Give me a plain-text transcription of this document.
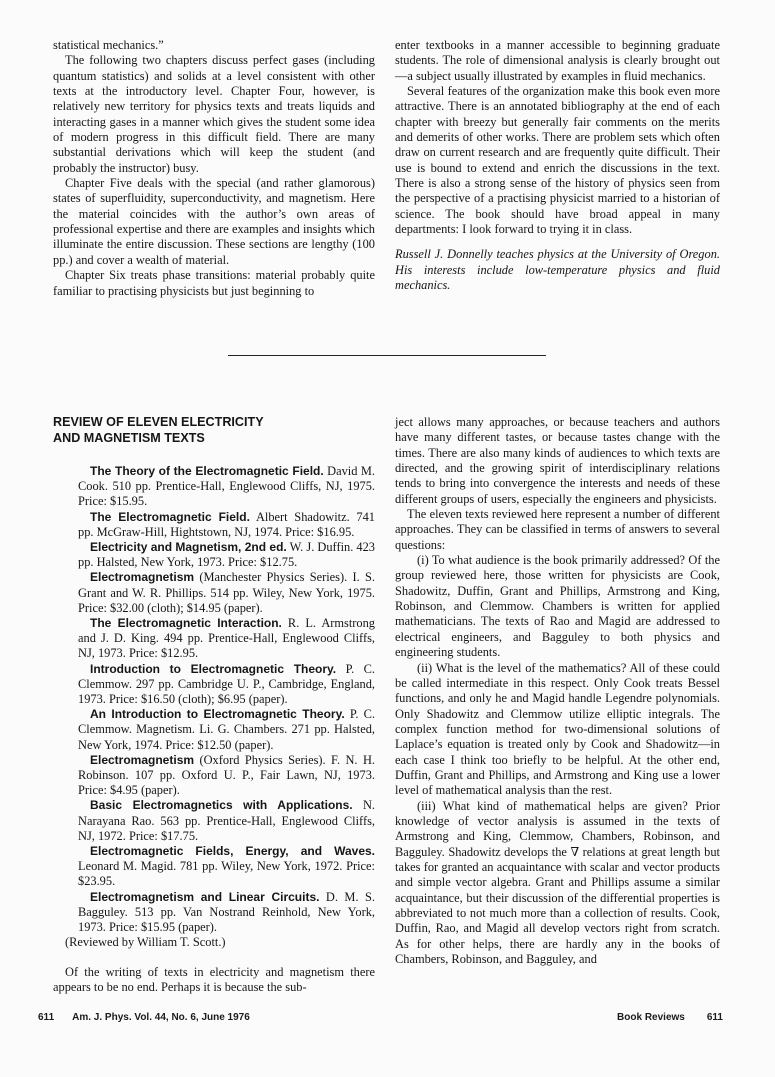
statistical mechanics.”

The following two chapters discuss perfect gases (including quantum statistics) and solids at a level consistent with other texts at the introductory level. Chapter Four, however, is relatively new territory for physics texts and treats liquids and interacting gases in a manner which gives the student some idea of modern progress in this difficult field. There are many substantial derivations which will keep the student (and probably the instructor) busy.

Chapter Five deals with the special (and rather glamorous) states of superfluidity, superconductivity, and magnetism. Here the material coincides with the author’s own areas of professional expertise and there are examples and insights which illuminate the entire discussion. These sections are lengthy (100 pp.) and cover a wealth of material.

Chapter Six treats phase transitions: material probably quite familiar to practising physicists but just beginning to

enter textbooks in a manner accessible to beginning graduate students. The role of dimensional analysis is clearly brought out—a subject usually illustrated by examples in fluid mechanics.

Several features of the organization make this book even more attractive. There is an annotated bibliography at the end of each chapter with breezy but generally fair comments on the merits and demerits of other works. There are problem sets which often draw on current research and are frequently quite difficult. Their use is bound to extend and enrich the discussions in the text. There is also a strong sense of the history of physics seen from the perspective of a practising physicist married to a historian of science. The book should have broad appeal in many departments: I look forward to trying it in class.

Russell J. Donnelly teaches physics at the University of Oregon. His interests include low-temperature physics and fluid mechanics.

REVIEW OF ELEVEN ELECTRICITY
AND MAGNETISM TEXTS

The Theory of the Electromagnetic Field. David M. Cook. 510 pp. Prentice-Hall, Englewood Cliffs, NJ, 1975. Price: $15.95.

The Electromagnetic Field. Albert Shadowitz. 741 pp. McGraw-Hill, Hightstown, NJ, 1974. Price: $16.95.

Electricity and Magnetism, 2nd ed. W. J. Duffin. 423 pp. Halsted, New York, 1973. Price: $12.75.

Electromagnetism (Manchester Physics Series). I. S. Grant and W. R. Phillips. 514 pp. Wiley, New York, 1975. Price: $32.00 (cloth); $14.95 (paper).

The Electromagnetic Interaction. R. L. Armstrong and J. D. King. 494 pp. Prentice-Hall, Englewood Cliffs, NJ, 1973. Price: $12.95.

Introduction to Electromagnetic Theory. P. C. Clemmow. 297 pp. Cambridge U. P., Cambridge, England, 1973. Price: $16.50 (cloth); $6.95 (paper).

An Introduction to Electromagnetic Theory. P. C. Clemmow. Magnetism. Li. G. Chambers. 271 pp. Halsted, New York, 1974. Price: $12.50 (paper).

Electromagnetism (Oxford Physics Series). F. N. H. Robinson. 107 pp. Oxford U. P., Fair Lawn, NJ, 1973. Price: $4.95 (paper).

Basic Electromagnetics with Applications. N. Narayana Rao. 563 pp. Prentice-Hall, Englewood Cliffs, NJ, 1972. Price: $17.75.

Electromagnetic Fields, Energy, and Waves. Leonard M. Magid. 781 pp. Wiley, New York, 1972. Price: $23.95.

Electromagnetism and Linear Circuits. D. M. S. Bagguley. 513 pp. Van Nostrand Reinhold, New York, 1973. Price: $15.95 (paper).

(Reviewed by William T. Scott.)

Of the writing of texts in electricity and magnetism there appears to be no end. Perhaps it is because the sub-

ject allows many approaches, or because teachers and authors have many different tastes, or because tastes change with the times. There are also many kinds of audiences to which texts are directed, and the growing spirit of interdisciplinary relations tends to bring into convergence the interests and needs of these different groups of users, especially the engineers and physicists.

The eleven texts reviewed here represent a number of different approaches. They can be classified in terms of answers to several questions:

(i) To what audience is the book primarily addressed? Of the group reviewed here, those written for physicists are Cook, Shadowitz, Duffin, Grant and Phillips, Armstrong and King, Robinson, and Clemmow. Chambers is written for applied mathematicians. The texts of Rao and Magid are addressed to electrical engineers, and Bagguley to both physics and engineering students.

(ii) What is the level of the mathematics? All of these could be called intermediate in this respect. Only Cook treats Bessel functions, and only he and Magid handle Legendre polynomials. Only Shadowitz and Clemmow utilize elliptic integrals. The complex function method for two-dimensional solutions of Laplace’s equation is treated only by Cook and Shadowitz—in each case I think too briefly to be helpful. At the other end, Duffin, Grant and Phillips, and Armstrong and King use a lower level of mathematical analysis than the rest.

(iii) What kind of mathematical helps are given? Prior knowledge of vector analysis is assumed in the texts of Armstrong and King, Clemmow, Chambers, Robinson, and Bagguley. Shadowitz develops the ∇ relations at great length but takes for granted an acquaintance with scalar and vector products and simple vector algebra. Grant and Phillips assume a similar acquaintance, but their discussion of the differential properties is abbreviated to not much more than a collection of results. Cook, Duffin, Rao, and Magid all develop vectors right from scratch. As for other helps, there are hardly any in the books of Chambers, Robinson, and Bagguley, and

611 Am. J. Phys. Vol. 44, No. 6, June 1976	Book Reviews 611
